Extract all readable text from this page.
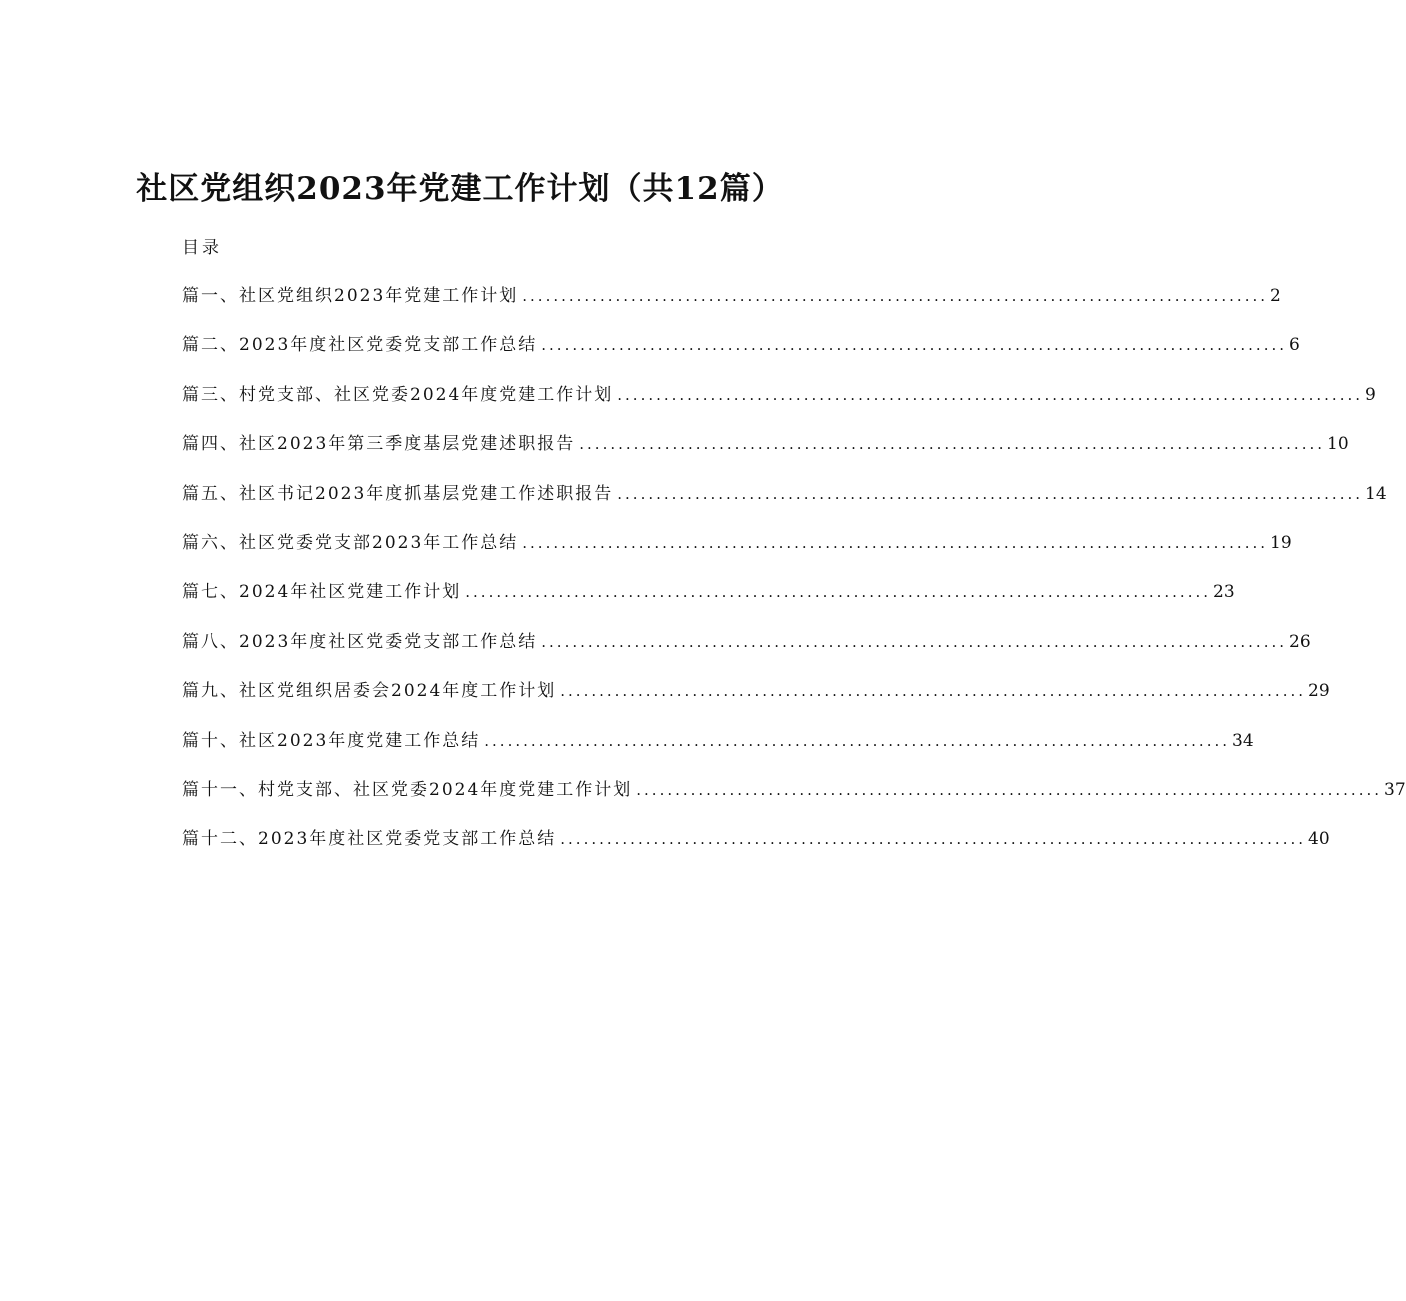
社区党组织2023年党建工作计划（共12篇）
目录
篇一、社区党组织2023年党建工作计划 ................................................................................................ 2
篇二、2023年度社区党委党支部工作总结 ................................................................................................ 6
篇三、村党支部、社区党委2024年度党建工作计划 ................................................................................................ 9
篇四、社区2023年第三季度基层党建述职报告 ................................................................................................ 10
篇五、社区书记2023年度抓基层党建工作述职报告 ................................................................................................ 14
篇六、社区党委党支部2023年工作总结 ................................................................................................ 19
篇七、2024年社区党建工作计划 ................................................................................................ 23
篇八、2023年度社区党委党支部工作总结 ................................................................................................ 26
篇九、社区党组织居委会2024年度工作计划 ................................................................................................ 29
篇十、社区2023年度党建工作总结 ................................................................................................ 34
篇十一、村党支部、社区党委2024年度党建工作计划 ................................................................................................ 37
篇十二、2023年度社区党委党支部工作总结 ................................................................................................ 40
